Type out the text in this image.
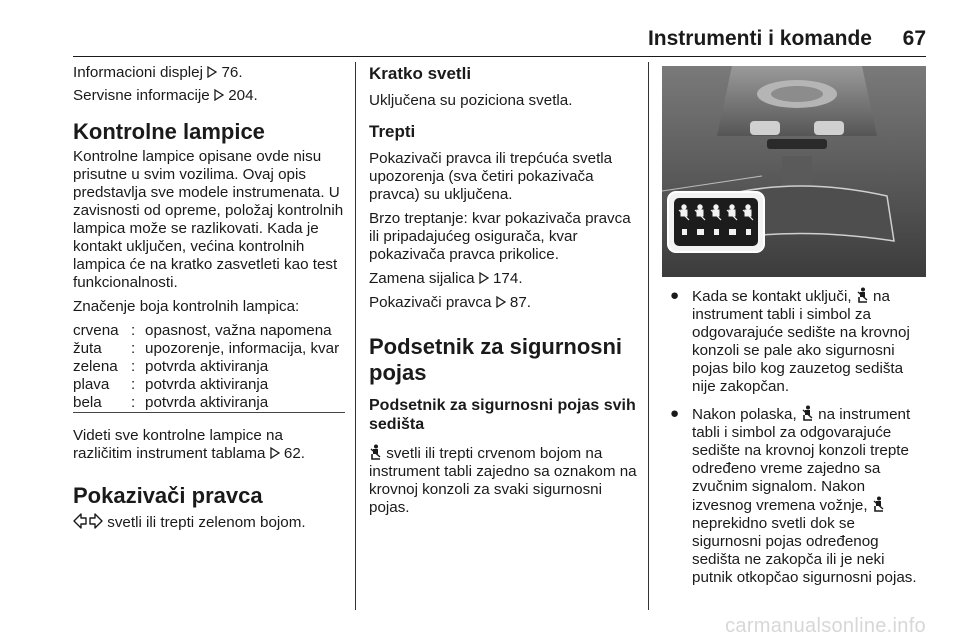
Instrumenti i komande 67

Informacioni displej 76.

Servisne informacije 204.

Kontrolne lampice

Kontrolne lampice opisane ovde nisu prisutne u svim vozilima. Ovaj opis predstavlja sve modele instrumenata. U zavisnosti od opreme, položaj kontrolnih lampica može se razlikovati. Kada je kontakt uključen, većina kontrolnih lampica će na kratko zasvetleti kao test funkcionalnosti.

Značenje boja kontrolnih lampica:

crvena	:	opasnost, važna napomena
žuta	:	upozorenje, informacija, kvar
zelena	:	potvrda aktiviranja
plava	:	potvrda aktiviranja
bela	:	potvrda aktiviranja

Videti sve kontrolne lampice na različitim instrument tablama 62.

Pokazivači pravca

svetli ili trepti zelenom bojom.

Kratko svetli

Uključena su poziciona svetla.

Trepti

Pokazivači pravca ili trepćuća svetla upozorenja (sva četiri pokazivača pravca) su uključena.

Brzo treptanje: kvar pokazivača pravca ili pripadajućeg osigurača, kvar pokazivača pravca prikolice.

Zamena sijalica 174.

Pokazivači pravca 87.

Podsetnik za sigurnosni pojas
Podsetnik za sigurnosni pojas svih sedišta

svetli ili trepti crvenom bojom na instrument tabli zajedno sa oznakom na krovnoj konzoli za svaki sigurnosni pojas.

● Kada se kontakt uključi, na instrument tabli i simbol za odgovarajuće sedište na krovnoj konzoli se pale ako sigurnosni pojas bilo kog zauzetog sedišta nije zakopčan.
● Nakon polaska, na instrument tabli i simbol za odgovarajuće sedište na krovnoj konzoli trepte određeno vreme zajedno sa zvučnim signalom. Nakon izvesnog vremena vožnje,  neprekidno svetli dok se sigurnosni pojas određenog sedišta ne zakopča ili je neki putnik otkopčao sigurnosni pojas.
carmanualsonline.info
